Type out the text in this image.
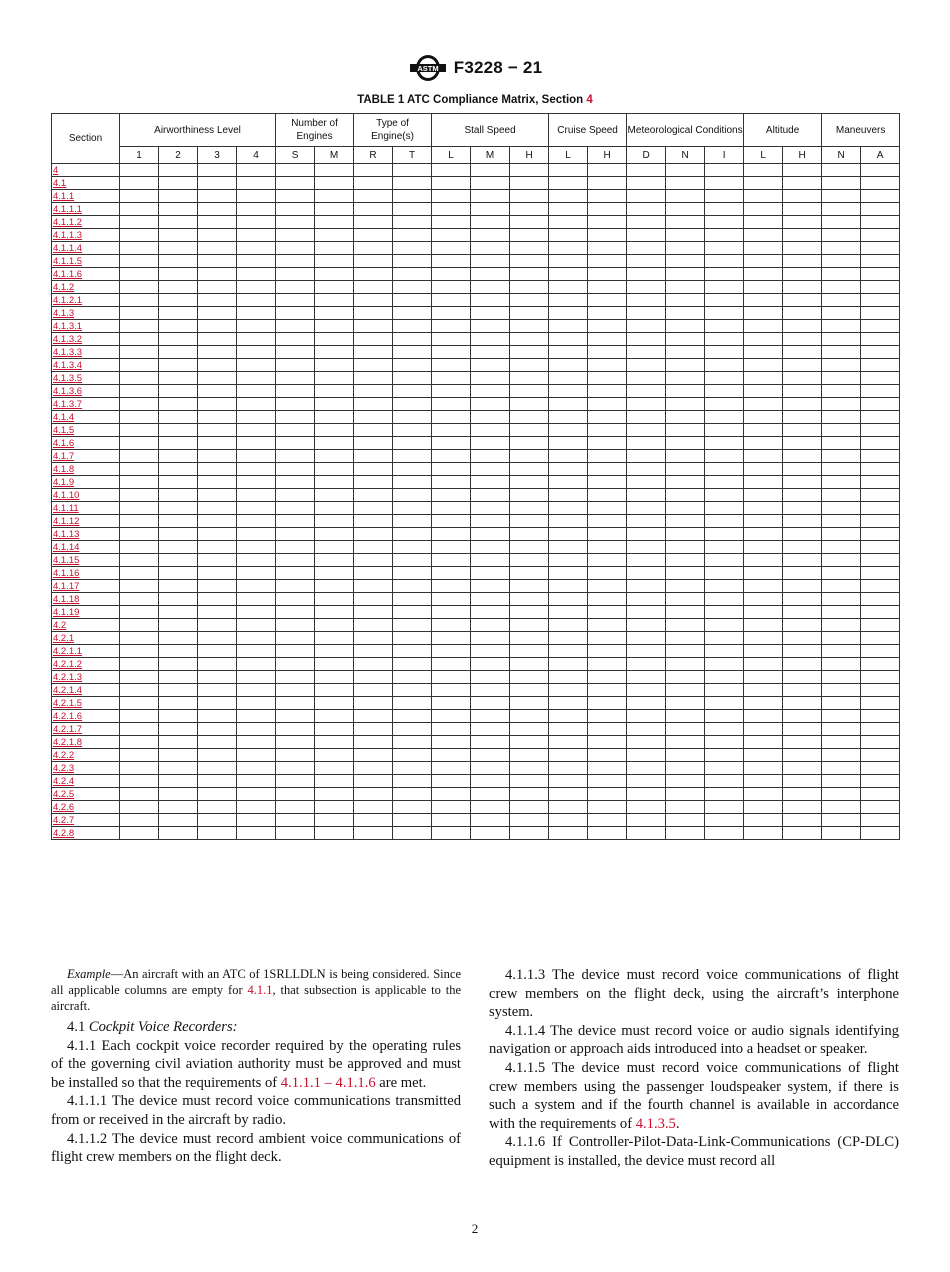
ASTM F3228 − 21
TABLE 1 ATC Compliance Matrix, Section 4
Section	Airworthiness Level				Number of Engines		Type of Engine(s)		Stall Speed			Cruise Speed		Meteorological Conditions			Altitude		Maneuvers	
	1	2	3	4	S	M	R	T	L	M	H	L	H	D	N	I	L	H	N	A
4																				
4.1																				
4.1.1																				
4.1.1.1																				
4.1.1.2																				
4.1.1.3																				
4.1.1.4																				
4.1.1.5																				
4.1.1.6																				
4.1.2																				
4.1.2.1																				
4.1.3																				
4.1.3.1																				
4.1.3.2																				
4.1.3.3																				
4.1.3.4																				
4.1.3.5																				
4.1.3.6																				
4.1.3.7																				
4.1.4																				
4.1.5																				
4.1.6																				
4.1.7																				
4.1.8																				
4.1.9																				
4.1.10																				
4.1.11																				
4.1.12																				
4.1.13																				
4.1.14																				
4.1.15																				
4.1.16																				
4.1.17																				
4.1.18																				
4.1.19																				
4.2																				
4.2.1																				
4.2.1.1																				
4.2.1.2																				
4.2.1.3																				
4.2.1.4																				
4.2.1.5																				
4.2.1.6																				
4.2.1.7																				
4.2.1.8																				
4.2.2																				
4.2.3																				
4.2.4																				
4.2.5																				
4.2.6																				
4.2.7																				
4.2.8																				

Example—An aircraft with an ATC of 1SRLLDLN is being considered. Since all applicable columns are empty for 4.1.1, that subsection is applicable to the aircraft.

4.1 Cockpit Voice Recorders:

4.1.1 Each cockpit voice recorder required by the operating rules of the governing civil aviation authority must be approved and must be installed so that the requirements of 4.1.1.1 – 4.1.1.6 are met.

4.1.1.1 The device must record voice communications transmitted from or received in the aircraft by radio.

4.1.1.2 The device must record ambient voice communications of flight crew members on the flight deck.

4.1.1.3 The device must record voice communications of flight crew members on the flight deck, using the aircraft’s interphone system.

4.1.1.4 The device must record voice or audio signals identifying navigation or approach aids introduced into a headset or speaker.

4.1.1.5 The device must record voice communications of flight crew members using the passenger loudspeaker system, if there is such a system and if the fourth channel is available in accordance with the requirements of 4.1.3.5.

4.1.1.6 If Controller-Pilot-Data-Link-Communications (CP-DLC) equipment is installed, the device must record all

2
